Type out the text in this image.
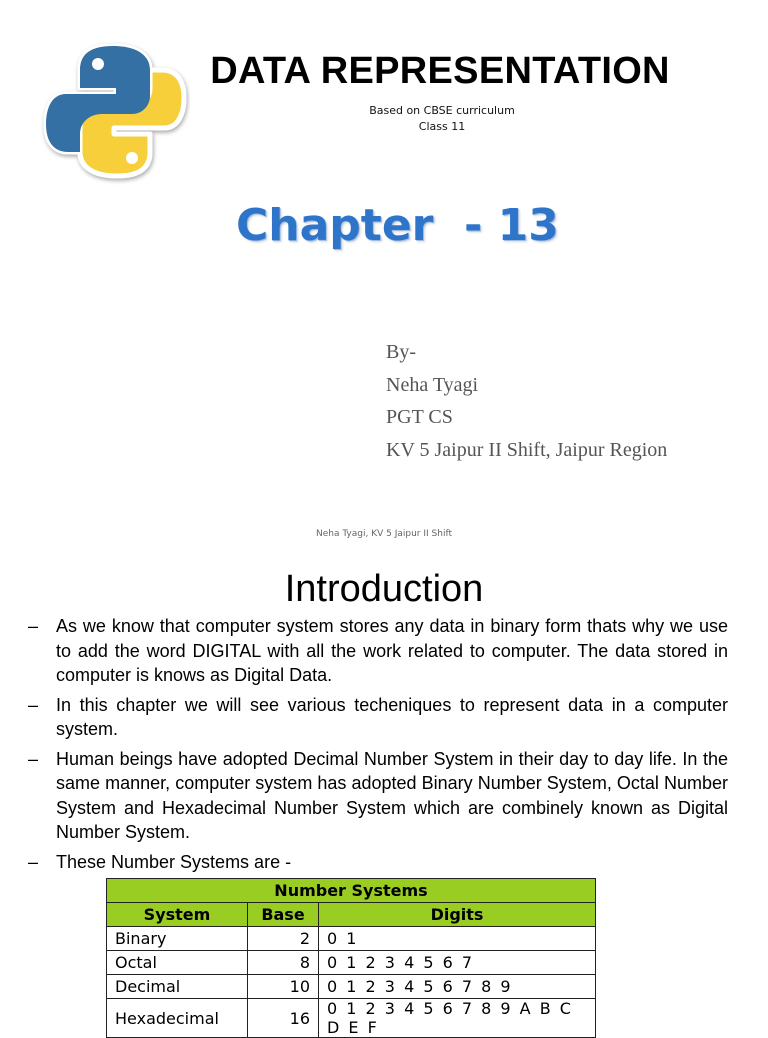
DATA REPRESENTATION
Based on CBSE curriculum
Class 11
Chapter  - 13
By-
Neha Tyagi
PGT CS
KV 5 Jaipur II Shift, Jaipur Region
Neha Tyagi, KV 5 Jaipur II Shift
Introduction
– As we know that computer system stores any data in binary form thats why we use to add the word DIGITAL with all the work related to computer. The data stored in computer is knows as Digital Data.
– In this chapter we will see various techeniques to represent data in a computer system.
– Human beings have adopted Decimal Number System in their day to day life. In the same manner, computer system has adopted Binary Number System, Octal Number System and Hexadecimal Number System which are combinely known as Digital Number System.
– These Number Systems are -
Number Systems		
System	Base	Digits
Binary	2	0 1
Octal	8	0 1 2 3 4 5 6 7
Decimal	10	0 1 2 3 4 5 6 7 8 9
Hexadecimal	16	0 1 2 3 4 5 6 7 8 9 A B C D E F
